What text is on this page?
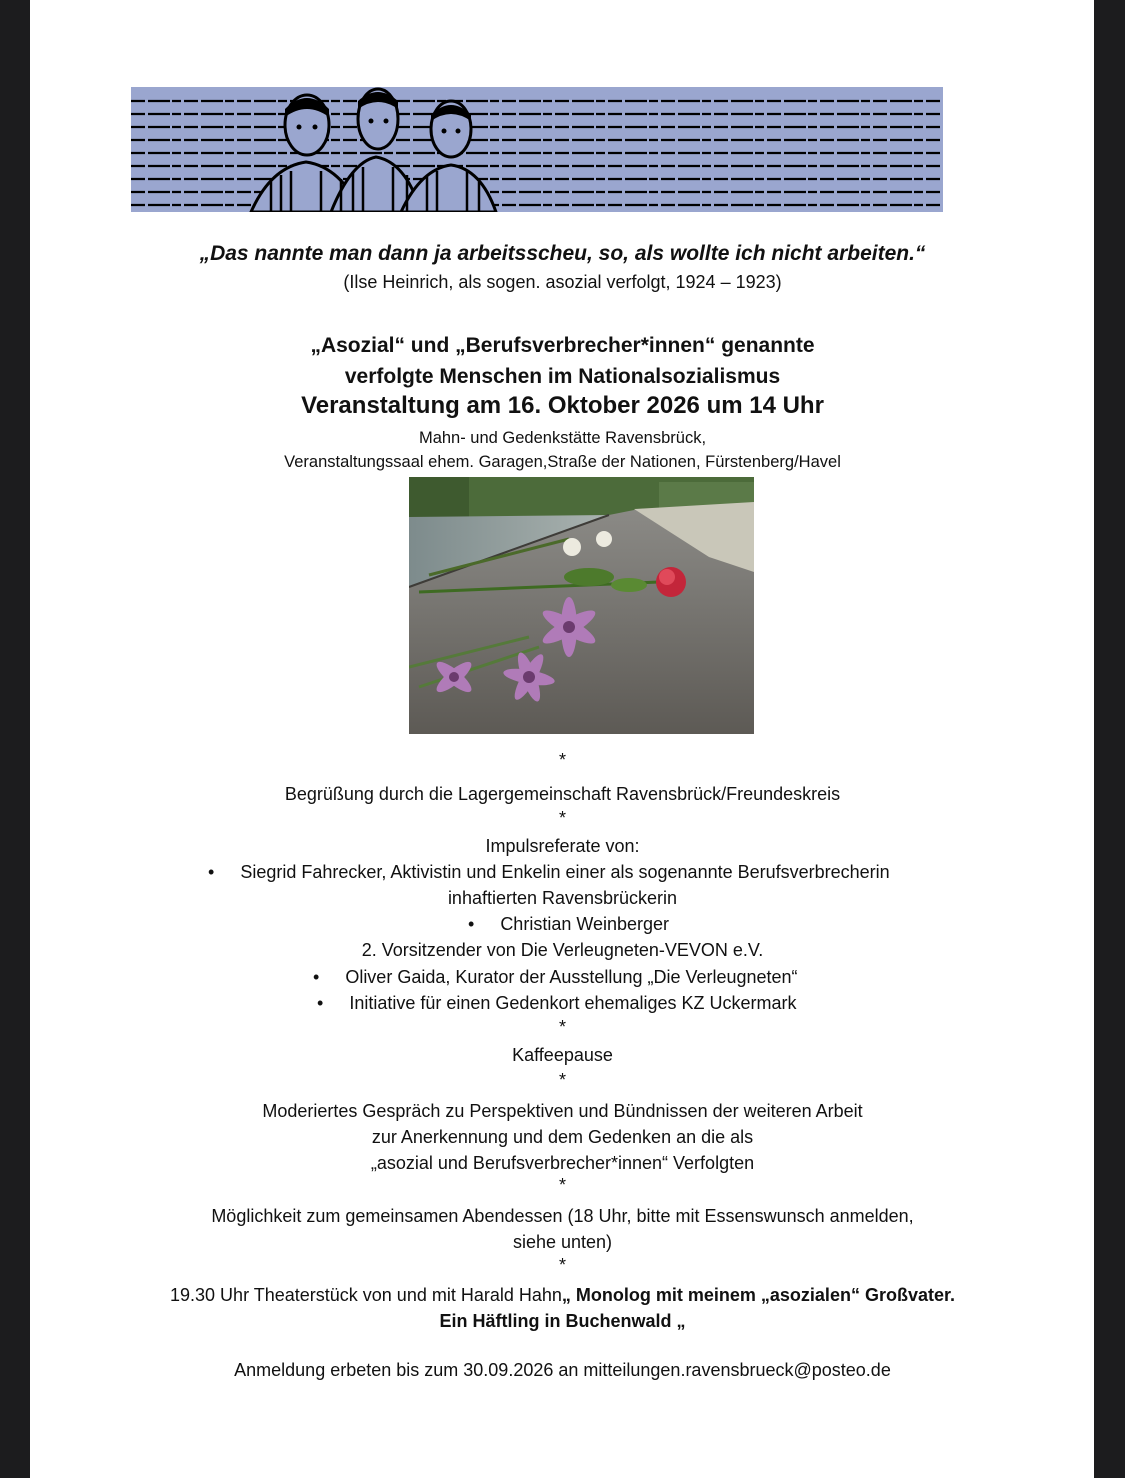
„Das nannte man dann ja arbeitsscheu, so, als wollte ich nicht arbeiten.“
(Ilse Heinrich, als sogen. asozial verfolgt, 1924 – 1923)
„Asozial“ und „Berufsverbrecher*innen“ genannte
verfolgte Menschen im Nationalsozialismus
Veranstaltung am 16. Oktober 2026 um 14 Uhr
Mahn- und Gedenkstätte Ravensbrück,
Veranstaltungssaal ehem. Garagen,Straße der Nationen, Fürstenberg/Havel
*
Begrüßung durch die Lagergemeinschaft Ravensbrück/Freundeskreis
*
Impulsreferate von:
• Siegrid Fahrecker, Aktivistin und Enkelin einer als sogenannte Berufsverbrecherin
inhaftierten Ravensbrückerin
• Christian Weinberger
2. Vorsitzender von Die Verleugneten-VEVON e.V.
• Oliver Gaida, Kurator der Ausstellung „Die Verleugneten“
• Initiative für einen Gedenkort ehemaliges KZ Uckermark
*
Kaffeepause
*
Moderiertes Gespräch zu Perspektiven und Bündnissen der weiteren Arbeit
zur Anerkennung und dem Gedenken an die als
„asozial und Berufsverbrecher*innen“ Verfolgten
*
Möglichkeit zum gemeinsamen Abendessen (18 Uhr, bitte mit Essenswunsch anmelden,
siehe unten)
*
19.30 Uhr Theaterstück von und mit Harald Hahn„ Monolog mit meinem „asozialen“ Großvater.
Ein Häftling in Buchenwald „
Anmeldung erbeten bis zum 30.09.2026 an mitteilungen.ravensbrueck@posteo.de
